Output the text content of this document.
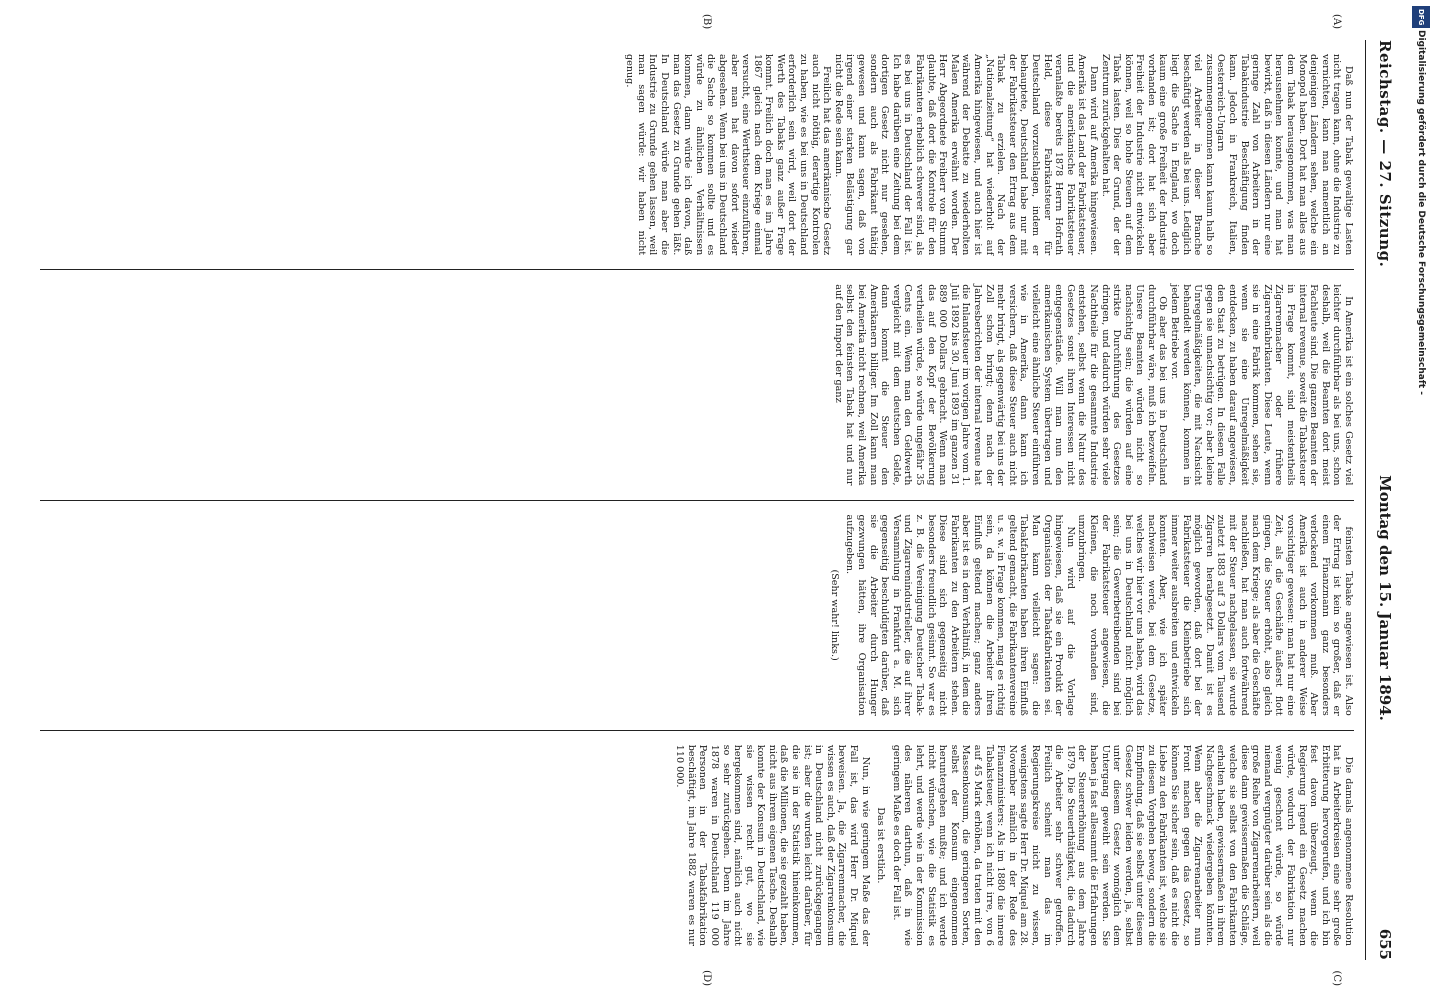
Reichstag. — 27. Sitzung.
Montag den 15. Januar 1894.
655
(A)
(B)
(C)
(D)

Daß nun der Tabak gewaltige Lasten nicht tragen kann, ohne die Industrie zu vernichten, kann man namentlich an denjenigen Ländern sehen, welche ein Monopol haben. Dort hat man alles aus dem Tabak herausgenommen, was man herausnehmen konnte, und man hat bewirkt, daß in diesen Ländern nur eine geringe Zahl von Arbeitern in der Tabakindustrie Beschäftigung finden kann. Jedoch in Frankreich, Italien, Oesterreich-Ungarn zusammengenommen kann kaum halb so viel Arbeiter in dieser Branche beschäftigt werden als bei uns. Lediglich liegt die Sache in England, wo doch kaum eine große Freiheit der Industrie vorhanden ist; dort hat sich aber Freiheit der Industrie nicht entwickeln können, weil so hohe Steuern auf dem Tabak lasten. Dies der Grund, der der Zentrum zurückgehalten hat.

Dann wird auf Amerika hingewiesen. Amerika ist das Land der Fabrikatsteuer, und die amerikanische Fabrikatsteuer veranlaßte bereits 1878 Herrn Hofrath Held, diese Fabrikatsteuer für Deutschland vorzuschlagen, indem er behauptete, Deutschland habe nur mit der Fabrikatsteuer den Ertrag aus dem Tabak zu erzielen. Nach der „Nationalzeitung“ hat wiederholt auf Amerika hingewiesen, und auch hier ist während der Debatte zu wiederholten Malen Amerika erwähnt worden. Der Herr Abgeordnete Freiherr von Stumm glaubte, daß dort die Kontrole für den Fabrikanten erheblich schwerer sind, als es bei uns in Deutschland der Fall ist. Ich habe darüben eine Zeitung bei dem dortigen Gesetz nicht nur gesehen, sondern auch als Fabrikant thätig gewesen und kann sagen, daß von irgend einer starken Belästigung gar nicht die Rede sein kann.

Freilich hat das amerikanische Gesetz auch nicht nöthig, derartige Kontrolen zu haben, wie es bei uns in Deutschland erforderlich sein wird, weil dort der Werth des Tabaks ganz außer Frage kommt. Freilich doch man es im Jahre 1867 gleich nach dem Kriege einmal versucht, eine Werthsteuer einzuführen, aber man hat davon sofort wieder abgesehen. Wenn bei uns in Deutschland die Sache so kommen sollte und es würde zu ähnlichen Verhältnissen kommen, dann würde ich davon, daß man das Gesetz zu Grunde gehen läßt. In Deutschland würde man aber die Industrie zu Grunde gehen lassen, weil man sagen würde: wir haben nicht genug.

In Amerika ist ein solches Gesetz viel leichter durchführbar als bei uns, schon deshalb, weil die Beamten dort meist Fachleute sind. Die ganzen Beamten der internal revenue, soweit die Tabaksteuer in Frage kommt, sind meistentheils Zigarrenmacher oder frühere Zigarrenfabrikanten. Diese Leute, wenn sie in eine Fabrik kommen, sehen sie, wenn sie eine Unregelmäßigkeit entdecken, zu haben darauf angewiesen, den Staat zu betrügen. In diesem Falle gegen sie unnachsichtig vor; aber kleine Unregelmäßigkeiten, die mit Nachsicht behandelt werden können, kommen in jedem Betriebe vor.

Ob aber das bei uns in Deutschland durchführbar wäre, muß ich bezweifeln. Unsere Beamten würden nicht so nachsichtig sein; die würden auf eine strikte Durchführung des Gesetzes dringen, und dadurch würden sehr viele Nachtheile für die gesammte Industrie entstehen, selbst wenn die Natur des Gesetzes sonst ihren Interessen nicht entgegenstände. Will man nun den amerikanischen System übertragen und vielleicht eine ähnliche Steuer einführen wie in Amerika, dann kann ich versichern, daß diese Steuer auch nicht mehr bringt, als gegenwärtig bei uns der Zoll schon bringt; denn nach der Jahresberichten der internal revenue hat die Inlandsteuer im vorigen Jahre vom 1. Juli 1892 bis 30. Juni 1893 im ganzen 31 889 000 Dollars gebracht. Wenn man das auf den Kopf der Bevölkerung vertheilen würde, so würde ungefähr 35 Cents ein. Wenn man den Geldwerth vergleicht mit dem deutschen Gelde, dann kommt die Steuer den Amerikanern billiger. Im Zoll kann man bei Amerika nicht rechnen, weil Amerika selbst den feinsten Tabak hat und nur auf den Import der ganz

feinsten Tabake angewiesen ist. Also der Ertrag ist kein so großer, daß er einem Finanzmann ganz besonders verlockend vorkommen muß. Aber Amerika ist auch in anderer Weise vorsichtiger gewesen: man hat nur eine Zeit, als die Geschäfte äußerst flott gingen, die Steuer erhöht, also gleich nach dem Kriege; als aber die Geschäfte nachließen, hat man auch fortwährend mit der Steuer nachgelassen, sie wurde zuletzt 1883 auf 3 Dollars vom Tausend Zigarren herabgesetzt. Damit ist es möglich geworden, daß dort bei der Fabrikatsteuer die Kleinbetriebe sich immer weiter ausbreiten und entwickeln konnten. Aber, wie ich später nachweisen werde, bei dem Gesetze, welches wir hier vor uns haben, wird das bei uns in Deutschland nicht möglich sein; die Gewerbetreibenden sind bei der Fabrikatsteuer angewiesen, die Kleinen, die noch vorhanden sind, umzubringen.

Nun wird auf die Vorlage hingewiesen, daß sie ein Produkt der Organisation der Tabakfabrikanten sei. Man kann vielleicht sagen: die Tabakfabrikanten haben ihren Einfluß geltend gemacht, die Fabrikantenvereine u. s. w. in Frage kommen, mag es richtig sein, da können die Arbeiter ihren Einfluß geltend machen; ganz anders aber ist es in dem Verhältniß, in dem die Fabrikanten zu den Arbeitern stehen. Diese sind sich gegenseitig nicht besonders freundlich gesinnt. So war es z. B. die Vereinigung Deutscher Tabak- und Zigarrenindustrieller, die auf ihrer Versammlung in Frankfurt a. M. sich gegenseitig beschuldigten darüber, daß sie die Arbeiter durch Hunger gezwungen hätten, ihre Organisation aufzugeben.

(Sehr wahr! links.)

Die damals angenommene Resolution hat in Arbeiterkreisen eine sehr große Erbitterung hervorgerufen, und ich bin fest davon überzeugt, wenn die Regierung irgend ein Gesetz machen würde, wodurch der Fabrikation nur wenig geschont würde, so würde niemand vergnügter darüber sein als die große Reihe von Zigarrenarbeitern, weil diese dann gewissermaßen die Schläge, welche sie selbst von den Fabrikanten erhalten haben, gewissermaßen in ihrem Nachgeschmack wiedergeben könnten. Wenn aber die Zigarrenarbeiter nun Front machen gegen das Gesetz, so können Sie sicher sein, daß es nicht die Liebe zu den Fabrikanten ist, welche sie zu diesem Vorgehen bewog, sondern die Empfindung, daß sie selbst unter diesem Gesetz schwer leiden werden, ja, selbst unter diesem Gesetz womöglich dem Untergang geweiht sein werden. Sie haben ja fast allesammt die Erfahrungen der Steuererhöhung aus dem Jahre 1879. Die Steuerthätigkeit, die dadurch die Arbeiter sehr schwer getroffen. Freilich scheint man das im Regierungskreise nicht zu wissen, wenigstens sagte Herr Dr. Miquel am 28. November nämlich in der Rede des Finanzministers: Als im 1880 die innere Tabaksteuer, wenn ich nicht irre, von 6 auf 45 Mark erhöhen, da traten mit den Massenkonsum, die geringeren Sorten, selbst der Konsum eingenommen heruntergehen mußte; und ich werde nicht wünschen, wie die Statistik es lehrt, und werde wie in der Kommission des näheren darthun, daß in wie geringem Maße es doch der Fall ist.

Das ist erstlich.

Nun, in wie geringem Maße das der Fall ist, das wird Herr Dr. Miquel beweisen. Ja, die Zigarrenmacher, die wissen es auch, daß der Zigarrenkonsum in Deutschland nicht zurückgegangen ist; aber die wurden leicht darüber, für die sie in der Statistik hineinkommen, daß die Millionen, die sie gezahlt haben, nicht aus ihrem eigenen Tasche. Deshalb konnte der Konsum in Deutschland, wie sie wissen recht gut, wo sie hergekommen sind, nämlich auch nicht so sehr zurückgehen. Denn im Jahre 1878 waren in Deutschland 119 000 Personen in der Tabakfabrikation beschäftigt, im Jahre 1882 waren es nur 110 000.

Digitalisierung gefördert durch die Deutsche Forschungsgemeinschaft -
DFG
